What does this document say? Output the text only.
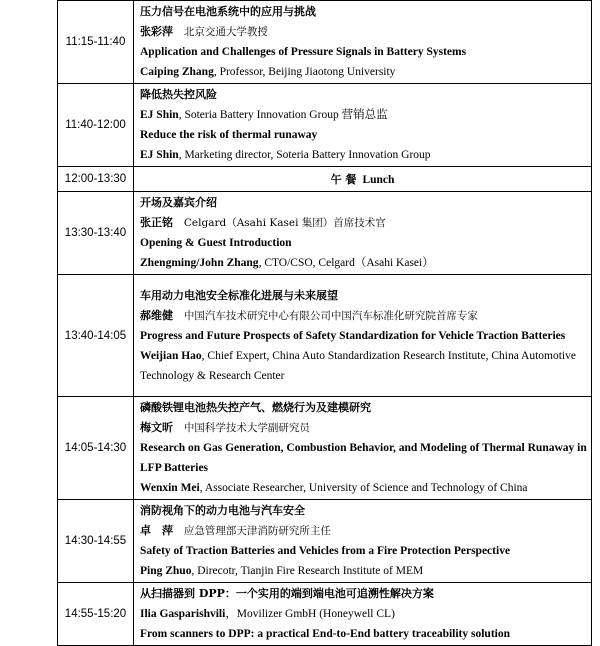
11:15-11:40	压力信号在电池系统中的应用与挑战
张彩萍 北京交通大学教授
Application and Challenges of Pressure Signals in Battery Systems
Caiping Zhang, Professor, Beijing Jiaotong University

11:40-12:00	降低热失控风险
EJ Shin, Soteria Battery Innovation Group 营销总监
Reduce the risk of thermal runaway
EJ Shin, Marketing director, Soteria Battery Innovation Group

12:00-13:30	午 餐 Lunch
13:30-13:40	开场及嘉宾介绍
张正铭 Celgard（Asahi Kasei 集团）首席技术官
Opening & Guest Introduction
Zhengming/John Zhang, CTO/CSO, Celgard（Asahi Kasei）

13:40-14:05	车用动力电池安全标准化进展与未来展望
郝维健 中国汽车技术研究中心有限公司中国汽车标准化研究院首席专家
Progress and Future Prospects of Safety Standardization for Vehicle Traction Batteries
Weijian Hao, Chief Expert, China Auto Standardization Research Institute, China Automotive Technology & Research Center

14:05-14:30	磷酸铁锂电池热失控产气、燃烧行为及建模研究
梅文昕 中国科学技术大学副研究员
Research on Gas Generation, Combustion Behavior, and Modeling of Thermal Runaway in LFP Batteries
Wenxin Mei, Associate Researcher, University of Science and Technology of China

14:30-14:55	消防视角下的动力电池与汽车安全
卓　萍 应急管理部天津消防研究所主任
Safety of Traction Batteries and Vehicles from a Fire Protection Perspective
Ping Zhuo, Direcotr, Tianjin Fire Research Institute of MEM

14:55-15:20	从扫描器到 DPP：一个实用的端到端电池可追溯性解决方案
Ilia Gasparishvili，Movilizer GmbH (Honeywell CL)
From scanners to DPP: a practical End-to-End battery traceability solution
